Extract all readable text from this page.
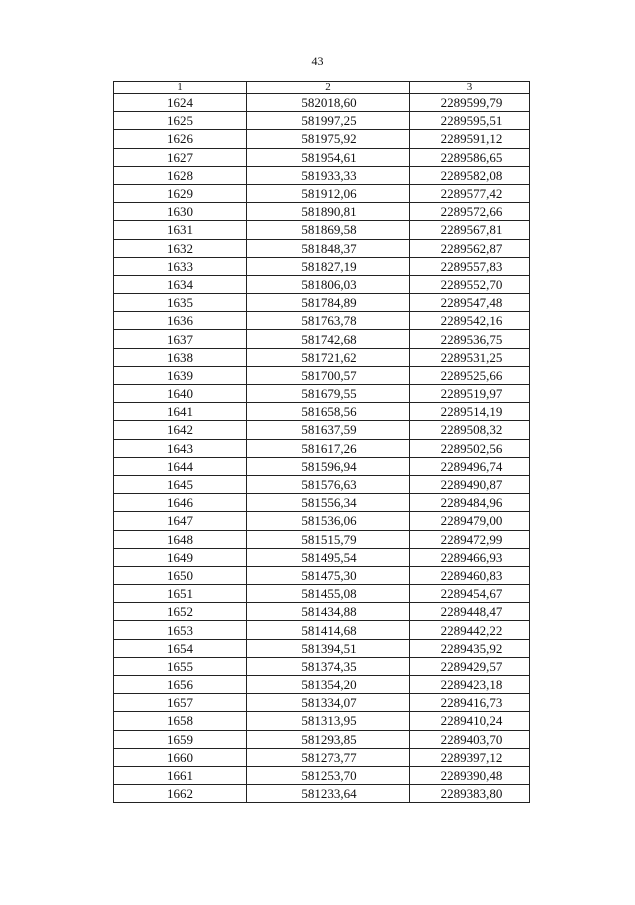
43
1	2	3
1624	582018,60	2289599,79
1625	581997,25	2289595,51
1626	581975,92	2289591,12
1627	581954,61	2289586,65
1628	581933,33	2289582,08
1629	581912,06	2289577,42
1630	581890,81	2289572,66
1631	581869,58	2289567,81
1632	581848,37	2289562,87
1633	581827,19	2289557,83
1634	581806,03	2289552,70
1635	581784,89	2289547,48
1636	581763,78	2289542,16
1637	581742,68	2289536,75
1638	581721,62	2289531,25
1639	581700,57	2289525,66
1640	581679,55	2289519,97
1641	581658,56	2289514,19
1642	581637,59	2289508,32
1643	581617,26	2289502,56
1644	581596,94	2289496,74
1645	581576,63	2289490,87
1646	581556,34	2289484,96
1647	581536,06	2289479,00
1648	581515,79	2289472,99
1649	581495,54	2289466,93
1650	581475,30	2289460,83
1651	581455,08	2289454,67
1652	581434,88	2289448,47
1653	581414,68	2289442,22
1654	581394,51	2289435,92
1655	581374,35	2289429,57
1656	581354,20	2289423,18
1657	581334,07	2289416,73
1658	581313,95	2289410,24
1659	581293,85	2289403,70
1660	581273,77	2289397,12
1661	581253,70	2289390,48
1662	581233,64	2289383,80
